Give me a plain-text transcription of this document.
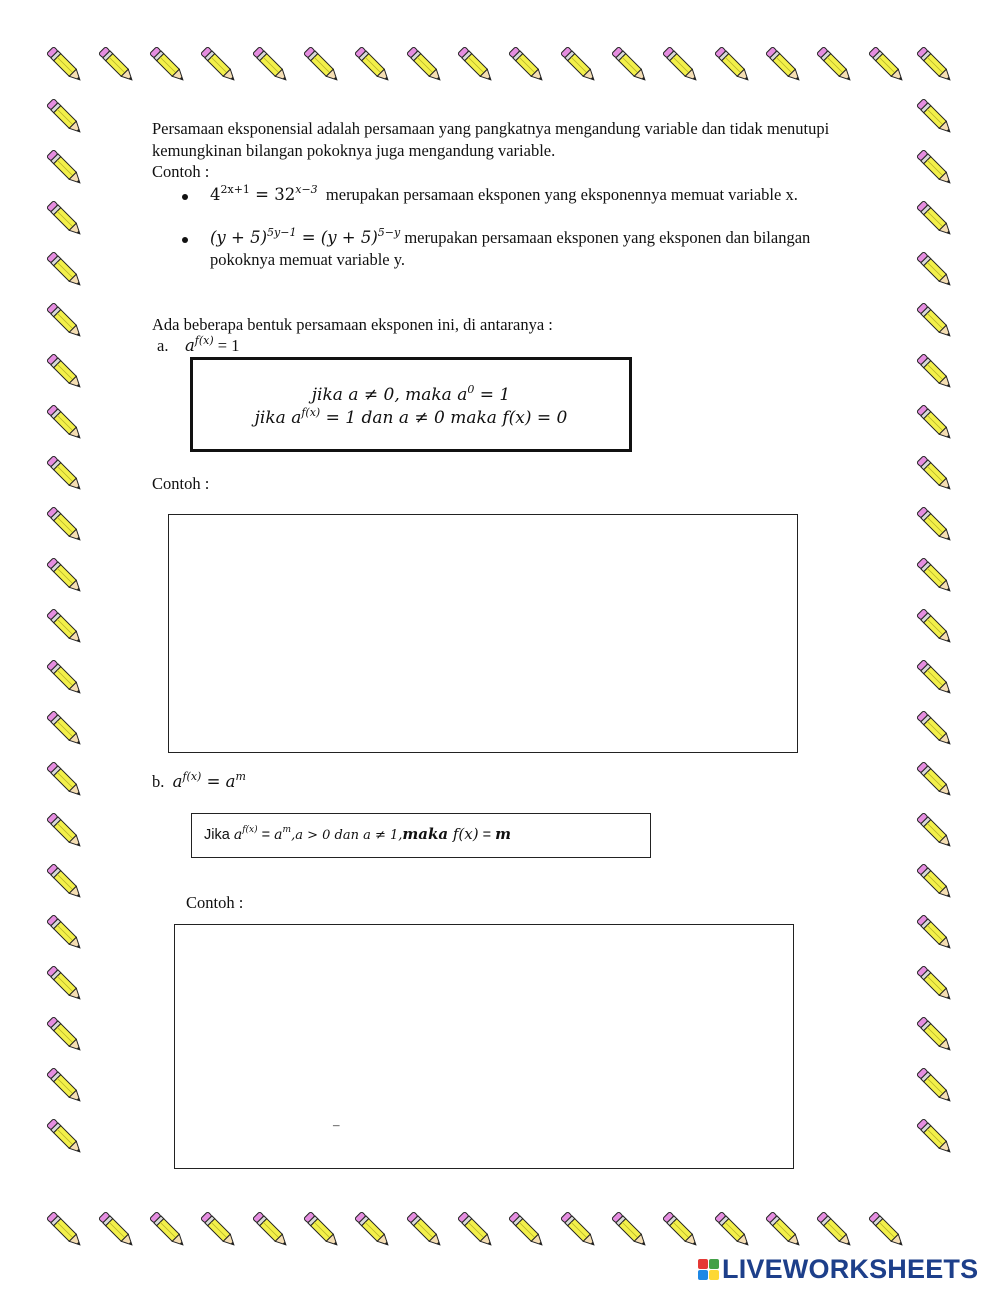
Persamaan eksponensial adalah persamaan yang pangkatnya mengandung variable dan tidak menutupi
kemungkinan bilangan pokoknya juga mengandung variable.
Contoh :
$4^{2x+1} = 32^{x-3}$ merupakan persamaan eksponen yang eksponennya memuat variable x.
$(y + 5)^{5y-1} = (y + 5)^{5-y}$ merupakan persamaan eksponen yang eksponen dan bilangan
pokoknya memuat variable y.
Ada beberapa bentuk persamaan eksponen ini, di antaranya :
a. $a^{f(x)} = 1$
jika a ≠ 0, maka $a^0 = 1$
jika $a^{f(x)} = 1$ dan a ≠ 0 maka f(x) = 0
Contoh :
b. $a^{f(x)} = a^m$
Jika $a^{f(x)} = a^m,a > 0$ dan a ≠ 1,maka f(x) = m
Contoh :
–
LIVEWORKSHEETS
